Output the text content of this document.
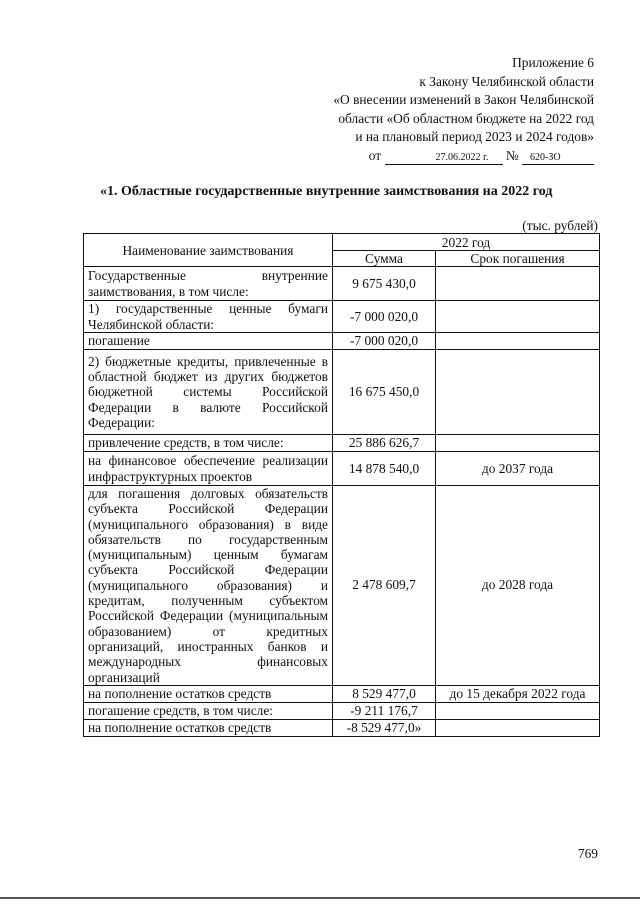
Приложение 6
к Закону Челябинской области
«О внесении изменений в Закон Челябинской
области «Об областном бюджете на 2022 год
и на плановый период 2023 и 2024 годов»
от	27.06.2022 г. № 620-ЗО
«1. Областные государственные внутренние заимствования на 2022 год
(тыс. рублей)
Наименование заимствования	2022 год	
	Сумма	Срок погашения
Государственные внутренние заимствования, в том числе:	9 675 430,0	
1) государственные ценные бумаги Челябинской области:	-7 000 020,0	
погашение	-7 000 020,0	
2) бюджетные кредиты, привлеченные в областной бюджет из других бюджетов бюджетной системы Российской Федерации в валюте Российской Федерации:	16 675 450,0	
привлечение средств, в том числе:	25 886 626,7	
на финансовое обеспечение реализации инфраструктурных проектов	14 878 540,0	до 2037 года
для погашения долговых обязательств субъекта Российской Федерации (муниципального образования) в виде обязательств по государственным (муниципальным) ценным бумагам субъекта Российской Федерации (муниципального образования) и кредитам, полученным субъектом Российской Федерации (муниципальным образованием) от кредитных организаций, иностранных банков и международных финансовых организаций	2 478 609,7	до 2028 года
на пополнение остатков средств	8 529 477,0	до 15 декабря 2022 года
погашение средств, в том числе:	-9 211 176,7	
на пополнение остатков средств	-8 529 477,0»	
769
